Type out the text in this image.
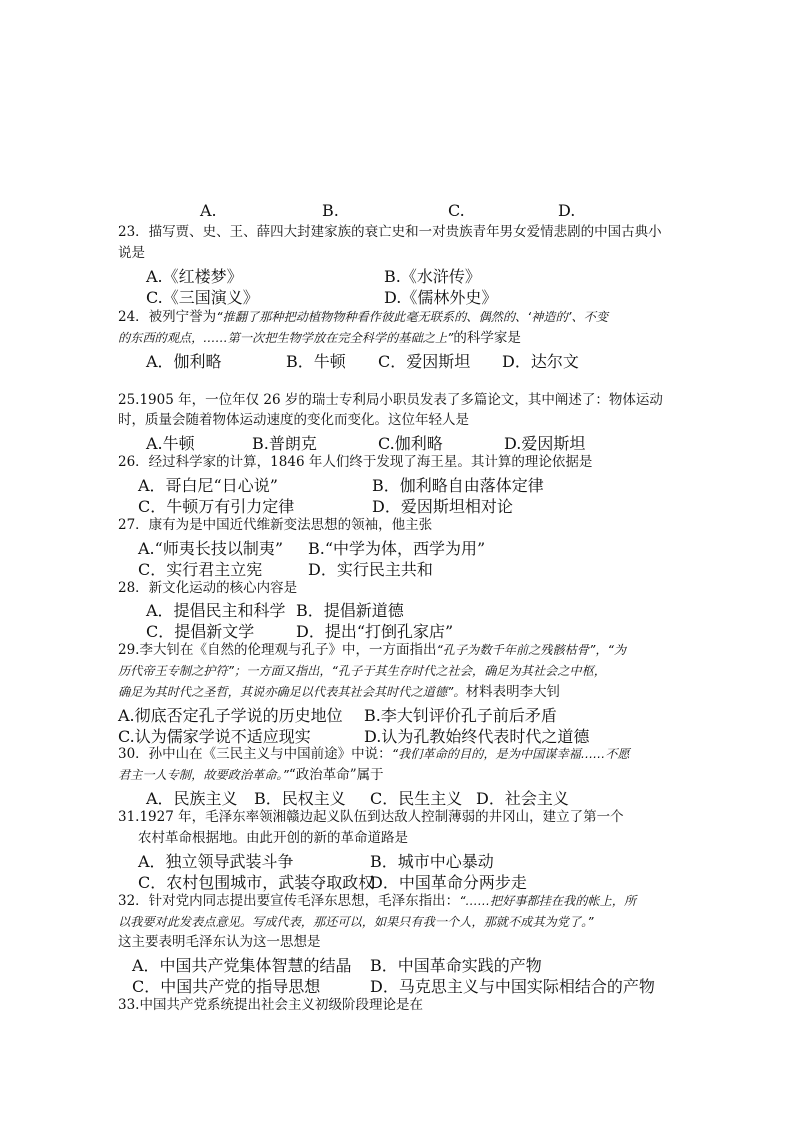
A.	B.	C.	D.
23．描写贾、史、王、薛四大封建家族的衰亡史和一对贵族青年男女爱情悲剧的中国古典小
说是
A.《红楼梦》	B.《水浒传》
C.《三国演义》	D.《儒林外史》
24．被列宁誉为“推翻了那种把动植物物种看作彼此毫无联系的、偶然的、‘神造的’、不变
的东西的观点，……第一次把生物学放在完全科学的基础之上”的科学家是
A．伽利略	B．牛顿 C．爱因斯坦 D．达尔文
25.1905 年，一位年仅 26 岁的瑞士专利局小职员发表了多篇论文，其中阐述了：物体运动
时，质量会随着物体运动速度的变化而变化。这位年轻人是
A.牛顿	B.普朗克	C.伽利略	D.爱因斯坦
26．经过科学家的计算，1846 年人们终于发现了海王星。其计算的理论依据是
A．哥白尼“日心说”	B．伽利略自由落体定律
C．牛顿万有引力定律	D．爱因斯坦相对论
27．康有为是中国近代维新变法思想的领袖，他主张
A.“师夷长技以制夷” B.“中学为体，西学为用”
C．实行君主立宪	D．实行民主共和
28．新文化运动的核心内容是
A．提倡民主和科学 B．提倡新道德
C．提倡新文学	D．提出“打倒孔家店”
29.李大钊在《自然的伦理观与孔子》中，一方面指出“孔子为数千年前之残骸枯骨”，“为
历代帝王专制之护符”；一方面又指出，“孔子于其生存时代之社会，确足为其社会之中枢，
确足为其时代之圣哲，其说亦确足以代表其社会其时代之道德”。材料表明李大钊
A.彻底否定孔子学说的历史地位 B.李大钊评价孔子前后矛盾
C.认为儒家学说不适应现实	D.认为孔教始终代表时代之道德
30．孙中山在《三民主义与中国前途》中说：“我们革命的目的，是为中国谋幸福……不愿
君主一人专制，故要政治革命。”“政治革命”属于
A．民族主义 B．民权主义 C．民生主义 D．社会主义
31.1927 年，毛泽东率领湘赣边起义队伍到达敌人控制薄弱的井冈山，建立了第一个
农村革命根据地。由此开创的新的革命道路是
A．独立领导武装斗争	B．城市中心暴动
C．农村包围城市，武装夺取政权
D．中国革命分两步走
32．针对党内同志提出要宣传毛泽东思想，毛泽东指出：“……把好事都挂在我的帐上，所
以我要对此发表点意见。写成代表，那还可以，如果只有我一个人，那就不成其为党了。”
这主要表明毛泽东认为这一思想是
A．中国共产党集体智慧的结晶 B．中国革命实践的产物
C．中国共产党的指导思想	D．马克思主义与中国实际相结合的产物
33.中国共产党系统提出社会主义初级阶段理论是在
